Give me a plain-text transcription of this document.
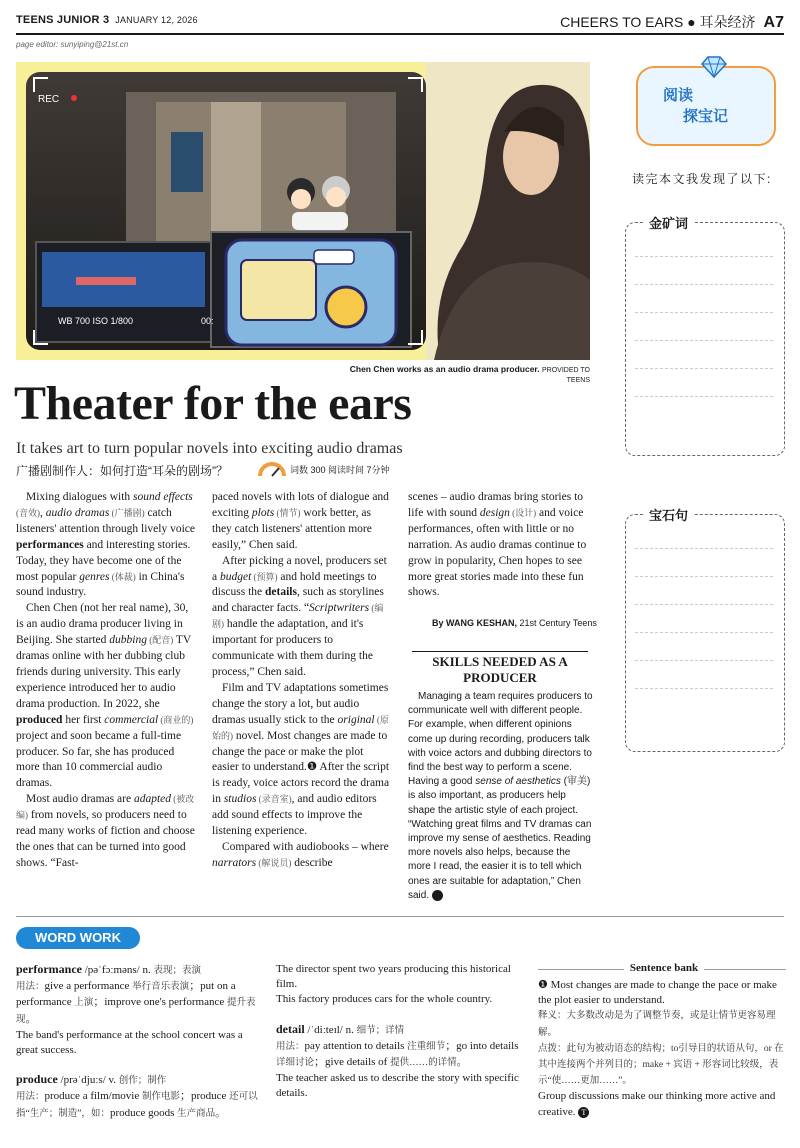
TEENS JUNIOR 3 JANUARY 12, 2026	CHEERS TO EARS ● 耳朵经济 A7
page editor: sunyiping@21st.cn
REC
WB 700 ISO 1/800	00:
Chen Chen works as an audio drama producer. PROVIDED TO TEENS
阅读
探宝记
读完本文我发现了以下:
金矿词
宝石句
Theater for the ears
It takes art to turn popular novels into exciting audio dramas
广播剧制作人：如何打造“耳朵的剧场”？	词数 300 阅读时间 7分钟

Mixing dialogues with sound effects (音效), audio dramas (广播剧) catch listeners' attention through lively voice performances and interesting stories. Today, they have become one of the most popular genres (体裁) in China's sound industry.

Chen Chen (not her real name), 30, is an audio drama producer living in Beijing. She started dubbing (配音) TV dramas online with her dubbing club friends during university. This early experience introduced her to audio drama production. In 2022, she produced her first commercial (商业的) project and soon became a full-time producer. So far, she has produced more than 10 commercial audio dramas.

Most audio dramas are adapted (被改编) from novels, so producers need to read many works of fiction and choose the ones that can be turned into good shows. “Fast-

paced novels with lots of dialogue and exciting plots (情节) work better, as they catch listeners' attention more easily,” Chen said.

After picking a novel, producers set a budget (预算) and hold meetings to discuss the details, such as storylines and character facts. “Scriptwriters (编剧) handle the adaptation, and it's important for producers to communicate with them during the process,” Chen said.

Film and TV adaptations sometimes change the story a lot, but audio dramas usually stick to the original (原始的) novel. Most changes are made to change the pace or make the plot easier to understand.❶ After the script is ready, voice actors record the drama in studios (录音室), and audio editors add sound effects to improve the listening experience.

Compared with audiobooks – where narrators (解说员) describe

scenes – audio dramas bring stories to life with sound design (设计) and voice performances, often with little or no narration. As audio dramas continue to grow in popularity, Chen hopes to see more great stories made into these fun shows.

By WANG KESHAN, 21st Century Teens
SKILLS NEEDED AS A PRODUCER
Managing a team requires producers to communicate well with different people. For example, when different opinions come up during recording, producers talk with voice actors and dubbing directors to find the best way to perform a scene. Having a good sense of aesthetics (审美) is also important, as producers help shape the artistic style of each project. “Watching great films and TV dramas can improve my sense of aesthetics. Reading more novels also helps, because the more I read, the easier it is to tell which ones are suitable for adaptation,” Chen said. T
WORD WORK
performance /pəˈfɔːməns/ n. 表现；表演
用法：give a performance 举行音乐表演；put on a performance 上演；improve one's performance 提升表现。
The band's performance at the school concert was a great success.
produce /prəˈdjuːs/ v. 创作；制作
用法：produce a film/movie 制作电影；produce 还可以指“生产；制造”，如：produce goods 生产商品。
The director spent two years producing this historical film.
This factory produces cars for the whole country.
detail /ˈdiːteɪl/ n. 细节；详情
用法：pay attention to details 注重细节；go into details 详细讨论；give details of 提供……的详情。
The teacher asked us to describe the story with specific details.
Sentence bank
❶ Most changes are made to change the pace or make the plot easier to understand.
释义：大多数改动是为了调整节奏，或是让情节更容易理解。
点拨：此句为被动语态的结构；to引导目的状语从句，or 在其中连接两个并列目的；make + 宾语 + 形容词比较级，表示“使……更加……”。
Group discussions make our thinking more active and creative. T
